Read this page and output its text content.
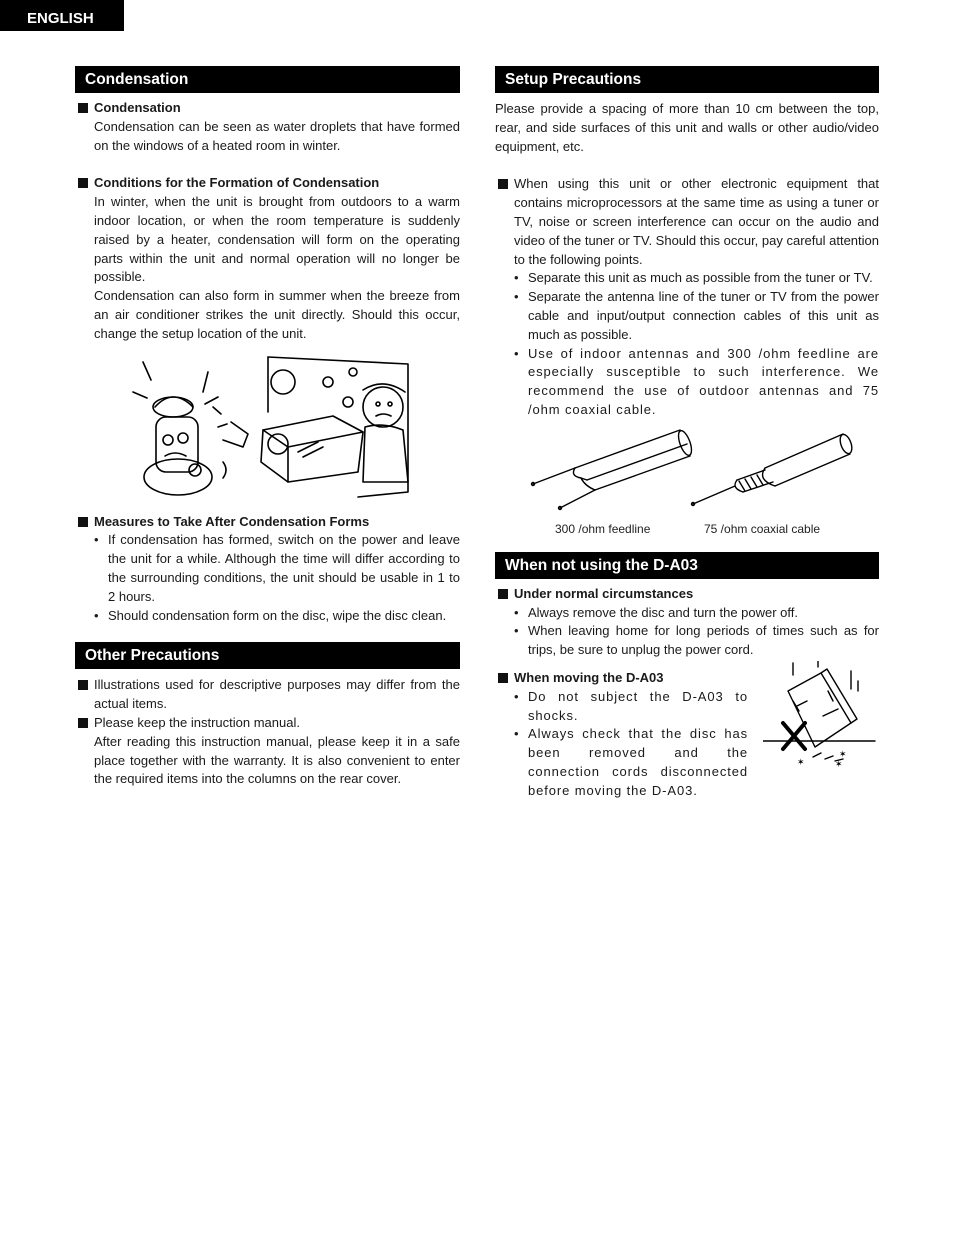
ENGLISH
Condensation
Condensation
Condensation can be seen as water droplets that have formed on the windows of a heated room in winter.
Conditions for the Formation of Condensation
In winter, when the unit is brought from outdoors to a warm indoor location, or when the room temperature is suddenly raised by a heater, condensation will form on the operating parts within the unit and normal operation will no longer be possible.
Condensation can also form in summer when the breeze from an air conditioner strikes the unit directly. Should this occur, change the setup location of the unit.
Measures to Take After Condensation Forms
• If condensation has formed, switch on the power and leave the unit for a while. Although the time will differ according to the surrounding conditions, the unit should be usable in 1 to 2 hours.
• Should condensation form on the disc, wipe the disc clean.
Other Precautions
Illustrations used for descriptive purposes may differ from the actual items.
Please keep the instruction manual.
After reading this instruction manual, please keep it in a safe place together with the warranty. It is also convenient to enter the required items into the columns on the rear cover.
Setup Precautions
Please provide a spacing of more than 10 cm between the top, rear, and side surfaces of this unit and walls or other audio/video equipment, etc.
When using this unit or other electronic equipment that contains microprocessors at the same time as using a tuner or TV, noise or screen interference can occur on the audio and video of the tuner or TV. Should this occur, pay careful attention to the following points.
• Separate this unit as much as possible from the tuner or TV.
• Separate the antenna line of the tuner or TV from the power cable and input/output connection cables of this unit as much as possible.
• Use of indoor antennas and 300 /ohm feedline are especially susceptible to such interference. We recommend the use of outdoor antennas and 75 /ohm coaxial cable.
300 /ohm feedline	75 /ohm coaxial cable
When not using the D-A03
Under normal circumstances
• Always remove the disc and turn the power off.
• When leaving home for long periods of times such as for trips, be sure to unplug the power cord.
When moving the D-A03
• Do not subject the D-A03 to shocks.
• Always check that the disc has been removed and the connection cords disconnected before moving the D-A03.
✶
✶
✶
